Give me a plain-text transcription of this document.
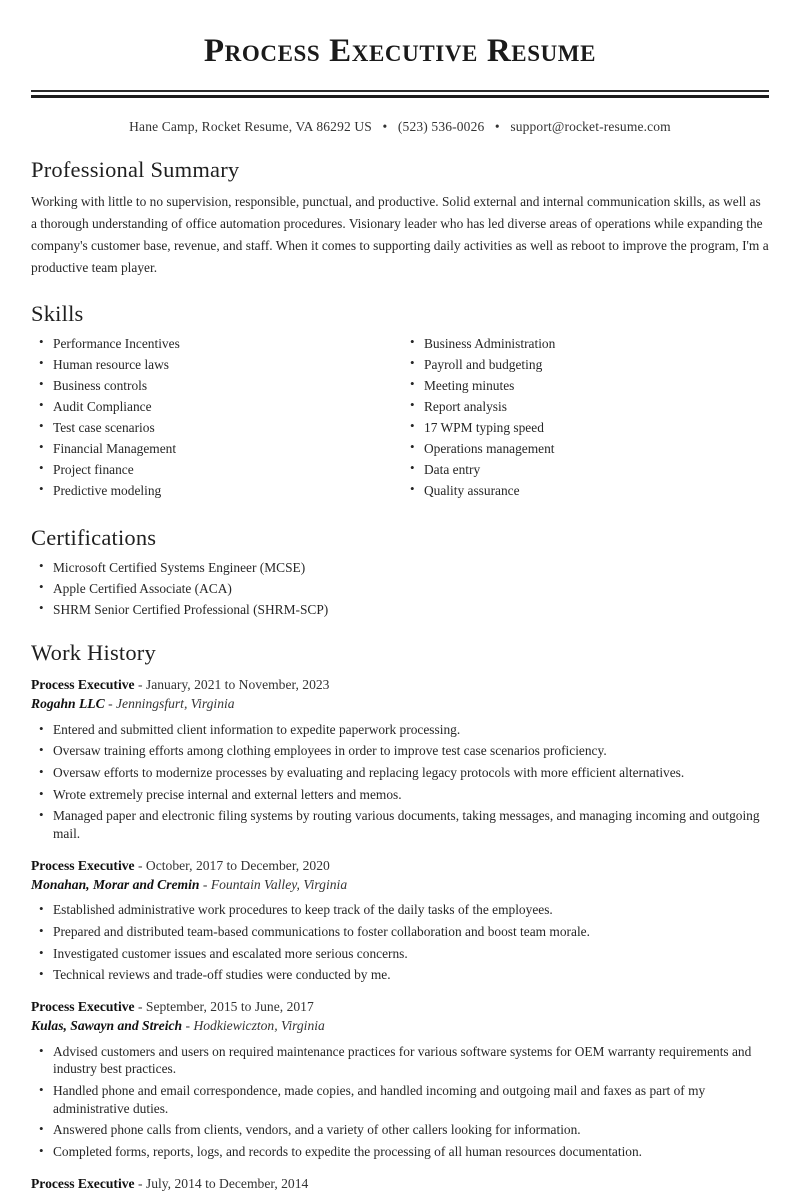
Process Executive Resume
Hane Camp, Rocket Resume, VA 86292 US • (523) 536-0026 • support@rocket-resume.com
Professional Summary

Working with little to no supervision, responsible, punctual, and productive. Solid external and internal communication skills, as well as a thorough understanding of office automation procedures. Visionary leader who has led diverse areas of operations while expanding the company's customer base, revenue, and staff. When it comes to supporting daily activities as well as reboot to improve the program, I'm a productive team player.

Skills
• Performance Incentives
• Human resource laws
• Business controls
• Audit Compliance
• Test case scenarios
• Financial Management
• Project finance
• Predictive modeling
• Business Administration
• Payroll and budgeting
• Meeting minutes
• Report analysis
• 17 WPM typing speed
• Operations management
• Data entry
• Quality assurance
Certifications
• Microsoft Certified Systems Engineer (MCSE)
• Apple Certified Associate (ACA)
• SHRM Senior Certified Professional (SHRM-SCP)
Work History
Process Executive - January, 2021 to November, 2023
Rogahn LLC - Jenningsfurt, Virginia
• Entered and submitted client information to expedite paperwork processing.
• Oversaw training efforts among clothing employees in order to improve test case scenarios proficiency.
• Oversaw efforts to modernize processes by evaluating and replacing legacy protocols with more efficient alternatives.
• Wrote extremely precise internal and external letters and memos.
• Managed paper and electronic filing systems by routing various documents, taking messages, and managing incoming and outgoing mail.
Process Executive - October, 2017 to December, 2020
Monahan, Morar and Cremin - Fountain Valley, Virginia
• Established administrative work procedures to keep track of the daily tasks of the employees.
• Prepared and distributed team-based communications to foster collaboration and boost team morale.
• Investigated customer issues and escalated more serious concerns.
• Technical reviews and trade-off studies were conducted by me.
Process Executive - September, 2015 to June, 2017
Kulas, Sawayn and Streich - Hodkiewiczton, Virginia
• Advised customers and users on required maintenance practices for various software systems for OEM warranty requirements and industry best practices.
• Handled phone and email correspondence, made copies, and handled incoming and outgoing mail and faxes as part of my administrative duties.
• Answered phone calls from clients, vendors, and a variety of other callers looking for information.
• Completed forms, reports, logs, and records to expedite the processing of all human resources documentation.
Process Executive - July, 2014 to December, 2014
